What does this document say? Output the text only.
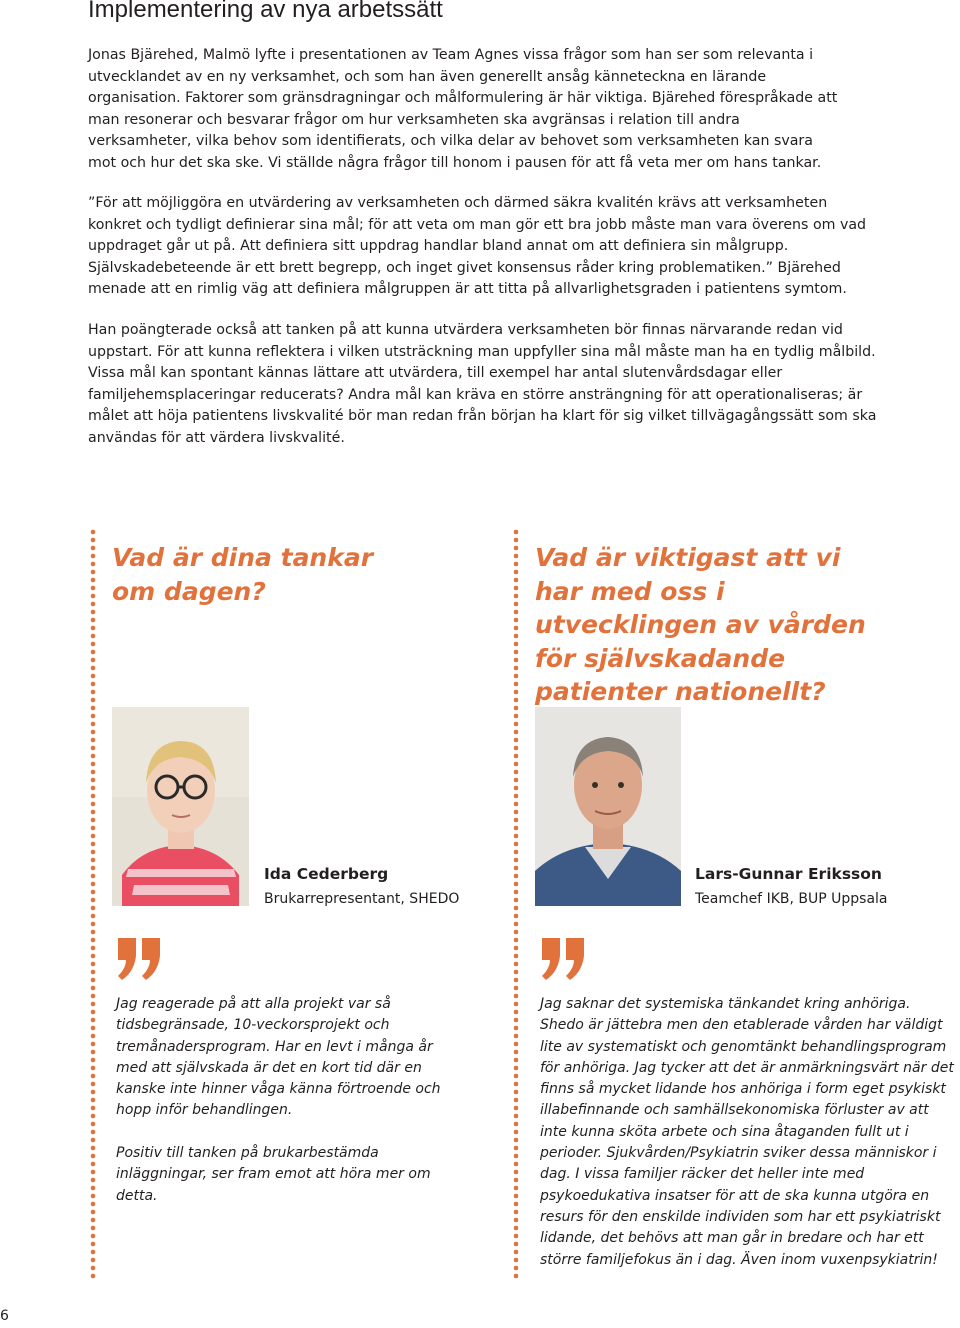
Implementering av nya arbetssätt

Jonas Bjärehed, Malmö lyfte i presentationen av Team Agnes vissa frågor som han ser som relevanta i utvecklandet av en ny verksamhet, och som han även generellt ansåg känneteckna en lärande organisation. Faktorer som gränsdragningar och målformulering är här viktiga. Bjärehed förespråkade att man resonerar och besvarar frågor om hur verksamheten ska avgränsas i relation till andra verksamheter, vilka behov som identifierats, och vilka delar av behovet som verksamheten kan svara mot och hur det ska ske. Vi ställde några frågor till honom i pausen för att få veta mer om hans tankar.

”För att möjliggöra en utvärdering av verksamheten och därmed säkra kvalitén krävs att verksamheten konkret och tydligt definierar sina mål; för att veta om man gör ett bra jobb måste man vara överens om vad uppdraget går ut på. Att definiera sitt uppdrag handlar bland annat om att definiera sin målgrupp. Självskadebeteende är ett brett begrepp, och inget givet konsensus råder kring problematiken.” Bjärehed menade att en rimlig väg att definiera målgruppen är att titta på allvarlighetsgraden i patientens symtom.

Han poängterade också att tanken på att kunna utvärdera verksamheten bör finnas närvarande redan vid uppstart. För att kunna reflektera i vilken utsträckning man uppfyller sina mål måste man ha en tydlig målbild. Vissa mål kan spontant kännas lättare att utvärdera, till exempel har antal slutenvårdsdagar eller familjehemsplaceringar reducerats? Andra mål kan kräva en större ansträngning för att operationaliseras; är målet att höja patientens livskvalité bör man redan från början ha klart för sig vilket tillvägagångssätt som ska användas för att värdera livskvalité.

Vad är dina tankar om dagen?

Vad är viktigast att vi har med oss i utvecklingen av vården för självskadande patienter nationellt?

Ida Cederberg

Brukarrepresentant, SHEDO

Lars-Gunnar Eriksson

Teamchef IKB, BUP Uppsala

Jag reagerade på att alla projekt var så tidsbegränsade, 10-veckorsprojekt och tremånadersprogram. Har en levt i många år med att självskada är det en kort tid där en kanske inte hinner våga känna förtroende och hopp inför behandlingen.

Positiv till tanken på brukarbestämda inläggningar, ser fram emot att höra mer om detta.

Jag saknar det systemiska tänkandet kring anhöriga. Shedo är jättebra men den etablerade vården har väldigt lite av systematiskt och genomtänkt behandlingsprogram för anhöriga. Jag tycker att det är anmärkningsvärt när det finns så mycket lidande hos anhöriga i form eget psykiskt illabefinnande och samhällsekonomiska förluster av att inte kunna sköta arbete och sina åtaganden fullt ut i perioder. Sjukvården/Psykiatrin sviker dessa människor i dag. I vissa familjer räcker det heller inte med psykoedukativa insatser för att de ska kunna utgöra en resurs för den enskilde individen som har ett psykiatriskt lidande, det behövs att man går in bredare och har ett större familjefokus än i dag. Även inom vuxenpsykiatrin!

6
